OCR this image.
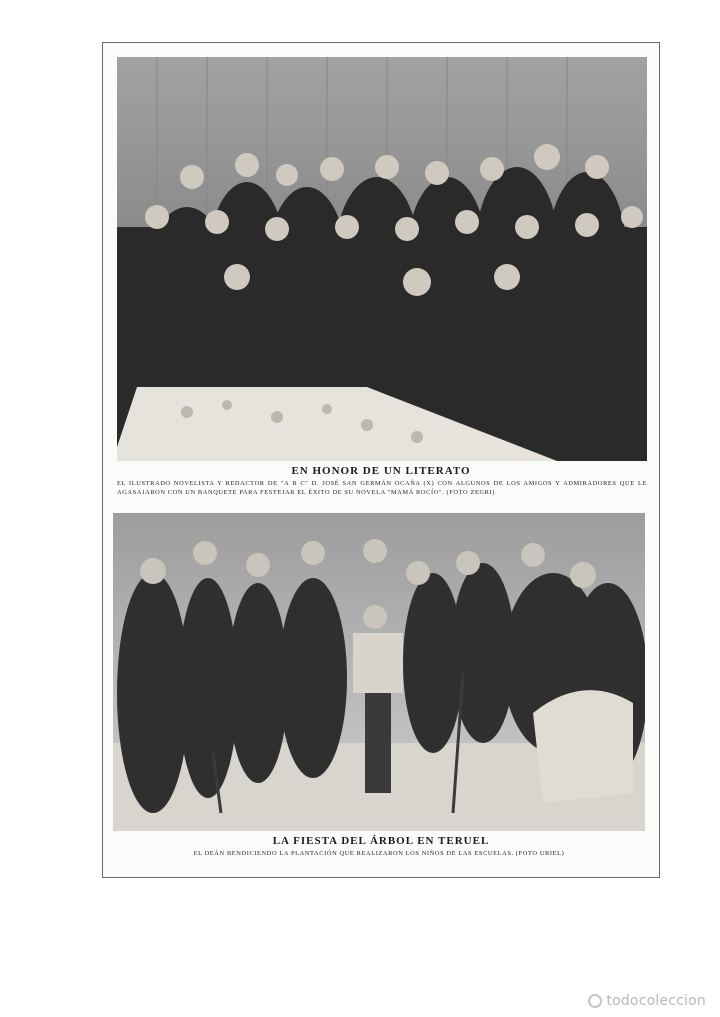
EN HONOR DE UN LITERATO
EL ILUSTRADO NOVELISTA Y REDACTOR DE "A B C" D. JOSÉ SAN GERMÁN OCAÑA (X) CON ALGUNOS DE LOS AMIGOS Y ADMIRADORES QUE LE AGASAJARON CON UN BANQUETE PARA FESTEJAR EL ÉXITO DE SU NOVELA "MAMÁ ROCÍO". (FOTO ZEGRI)
LA FIESTA DEL ÁRBOL EN TERUEL
EL DEÁN BENDICIENDO LA PLANTACIÓN QUE REALIZARON LOS NIÑOS DE LAS ESCUELAS. (FOTO URIEL)
todocoleccion
